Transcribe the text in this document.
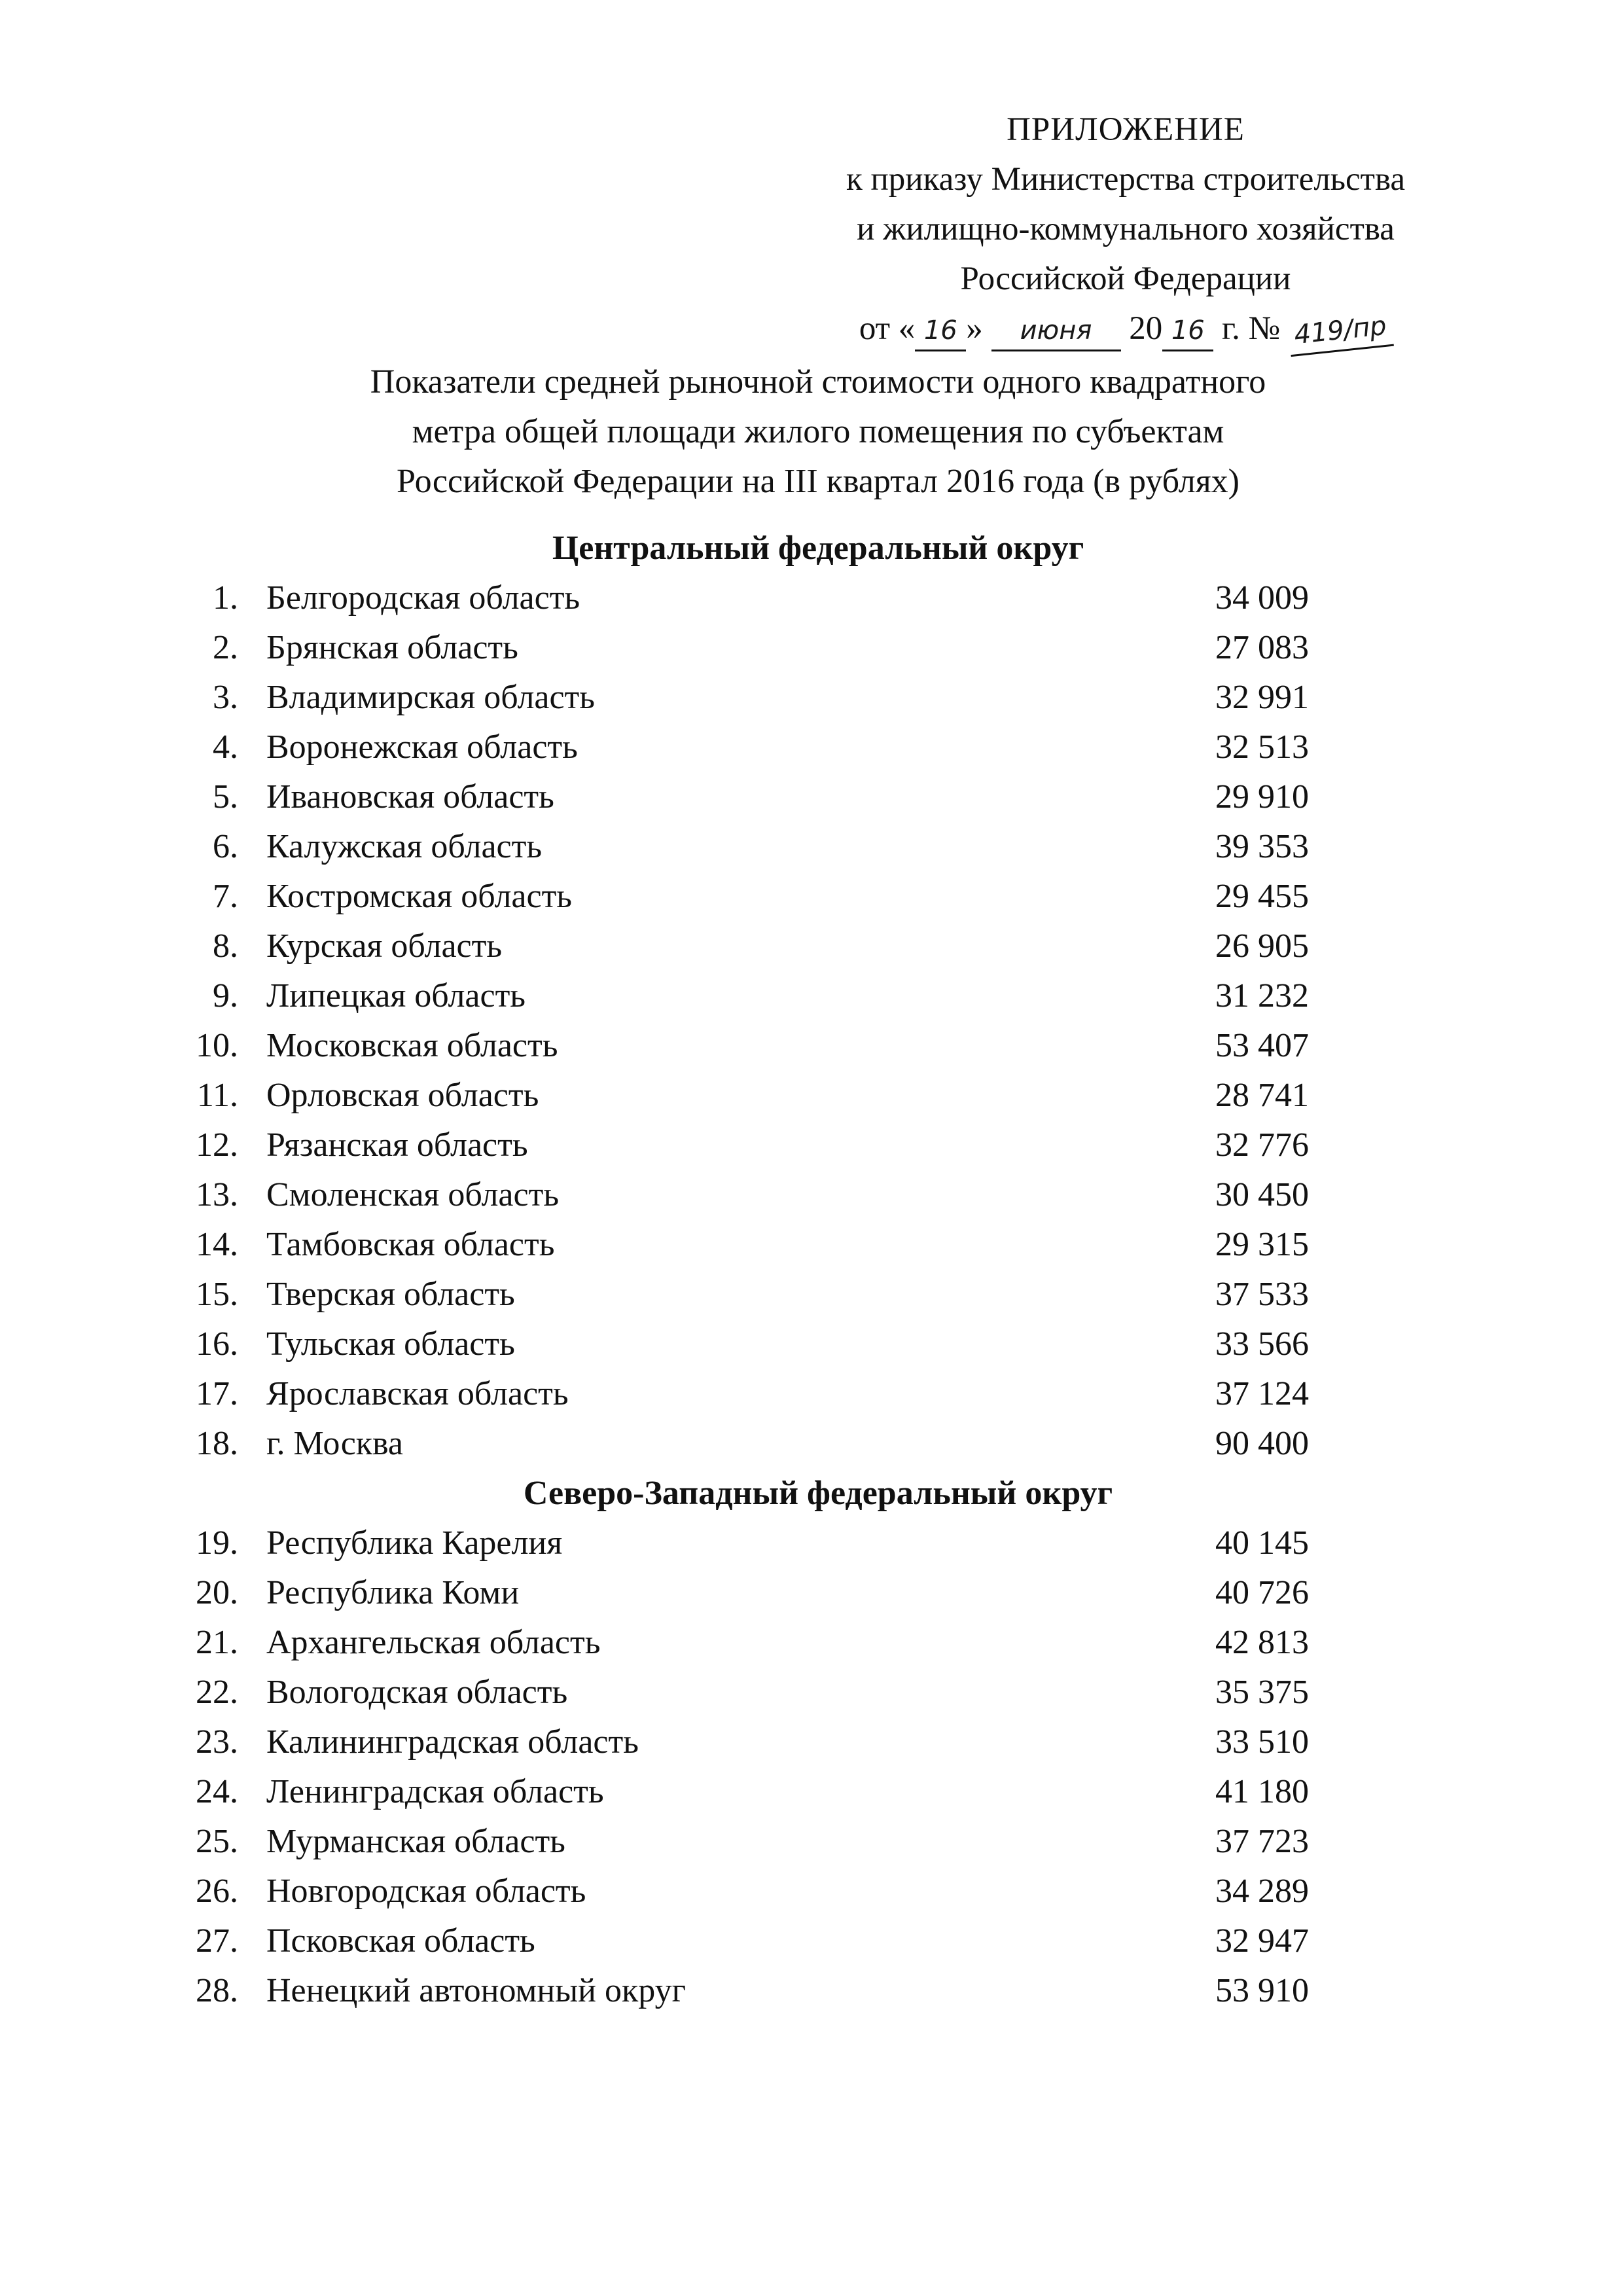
ПРИЛОЖЕНИЕ
к приказу Министерства строительства
и жилищно-коммунального хозяйства
Российской Федерации
от « 16 » июня 20 16 г. № 419/пр
Показатели средней рыночной стоимости одного квадратного
метра общей площади жилого помещения по субъектам
Российской Федерации на III квартал 2016 года (в рублях)
Центральный федеральный округ
1. Белгородская область	34 009
2. Брянская область	27 083
3. Владимирская область	32 991
4. Воронежская область	32 513
5. Ивановская область	29 910
6. Калужская область	39 353
7. Костромская область	29 455
8. Курская область	26 905
9. Липецкая область	31 232
10. Московская область	53 407
11. Орловская область	28 741
12. Рязанская область	32 776
13. Смоленская область	30 450
14. Тамбовская область	29 315
15. Тверская область	37 533
16. Тульская область	33 566
17. Ярославская область	37 124
18. г. Москва	90 400
Северо-Западный федеральный округ
19. Республика Карелия	40 145
20. Республика Коми	40 726
21. Архангельская область	42 813
22. Вологодская область	35 375
23. Калининградская область	33 510
24. Ленинградская область	41 180
25. Мурманская область	37 723
26. Новгородская область	34 289
27. Псковская область	32 947
28. Ненецкий автономный округ	53 910
